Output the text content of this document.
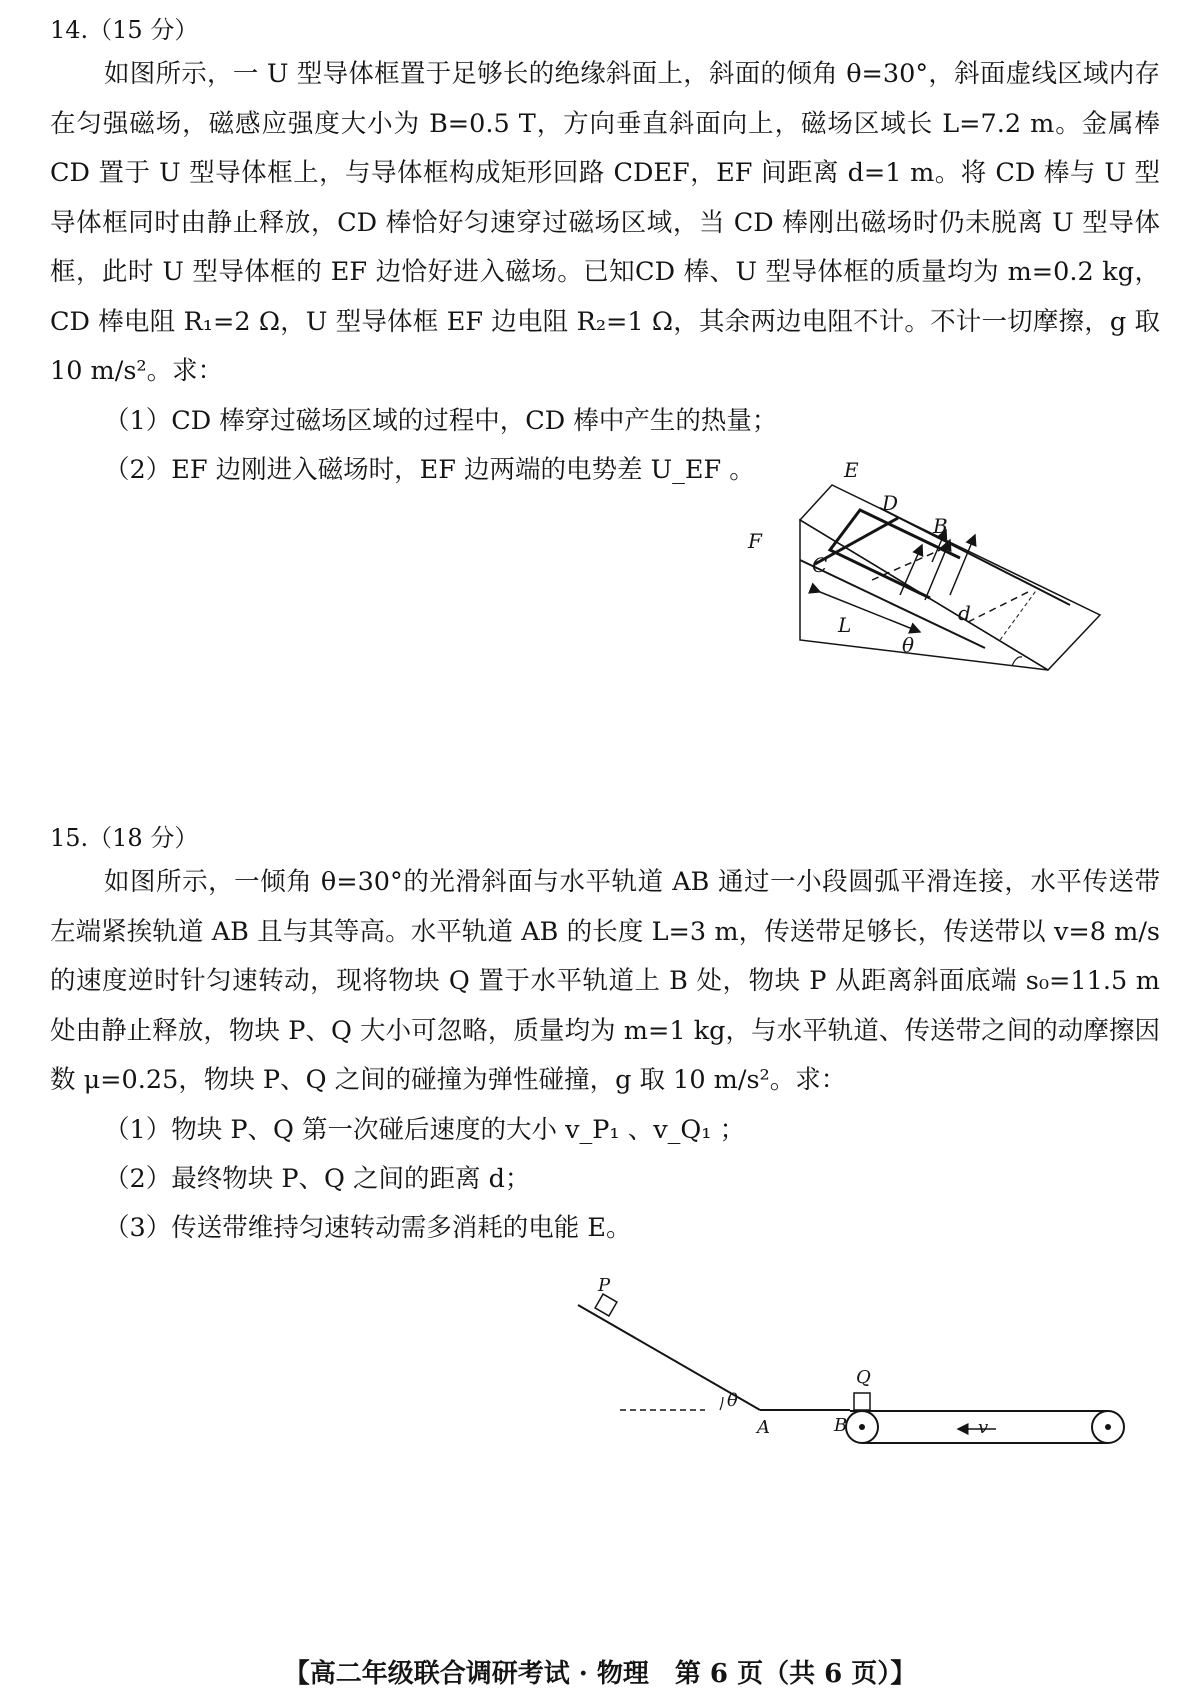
14.（15 分）

如图所示，一 U 型导体框置于足够长的绝缘斜面上，斜面的倾角 θ=30°，斜面虚线区域内存在匀强磁场，磁感应强度大小为 B=0.5 T，方向垂直斜面向上，磁场区域长 L=7.2 m。金属棒 CD 置于 U 型导体框上，与导体框构成矩形回路 CDEF，EF 间距离 d=1 m。将 CD 棒与 U 型导体框同时由静止释放，CD 棒恰好匀速穿过磁场区域，当 CD 棒刚出磁场时仍未脱离 U 型导体框，此时 U 型导体框的 EF 边恰好进入磁场。已知CD 棒、U 型导体框的质量均为 m=0.2 kg，CD 棒电阻 R₁=2 Ω，U 型导体框 EF 边电阻 R₂=1 Ω，其余两边电阻不计。不计一切摩擦，g 取 10 m/s²。求：

（1）CD 棒穿过磁场区域的过程中，CD 棒中产生的热量；

（2）EF 边刚进入磁场时，EF 边两端的电势差 U_EF 。	E
D
B
F
C
L	d
θ
15.（18 分）

如图所示，一倾角 θ=30°的光滑斜面与水平轨道 AB 通过一小段圆弧平滑连接，水平传送带左端紧挨轨道 AB 且与其等高。水平轨道 AB 的长度 L=3 m，传送带足够长，传送带以 v=8 m/s 的速度逆时针匀速转动，现将物块 Q 置于水平轨道上 B 处，物块 P 从距离斜面底端 s₀=11.5 m 处由静止释放，物块 P、Q 大小可忽略，质量均为 m=1 kg，与水平轨道、传送带之间的动摩擦因数 μ=0.25，物块 P、Q 之间的碰撞为弹性碰撞，g 取 10 m/s²。求：

（1）物块 P、Q 第一次碰后速度的大小 v_P₁ 、v_Q₁ ；

（2）最终物块 P、Q 之间的距离 d；

（3）传送带维持匀速转动需多消耗的电能 E。

P
Q
A	B
θ
v
【高二年级联合调研考试 · 物理　第 6 页（共 6 页）】
